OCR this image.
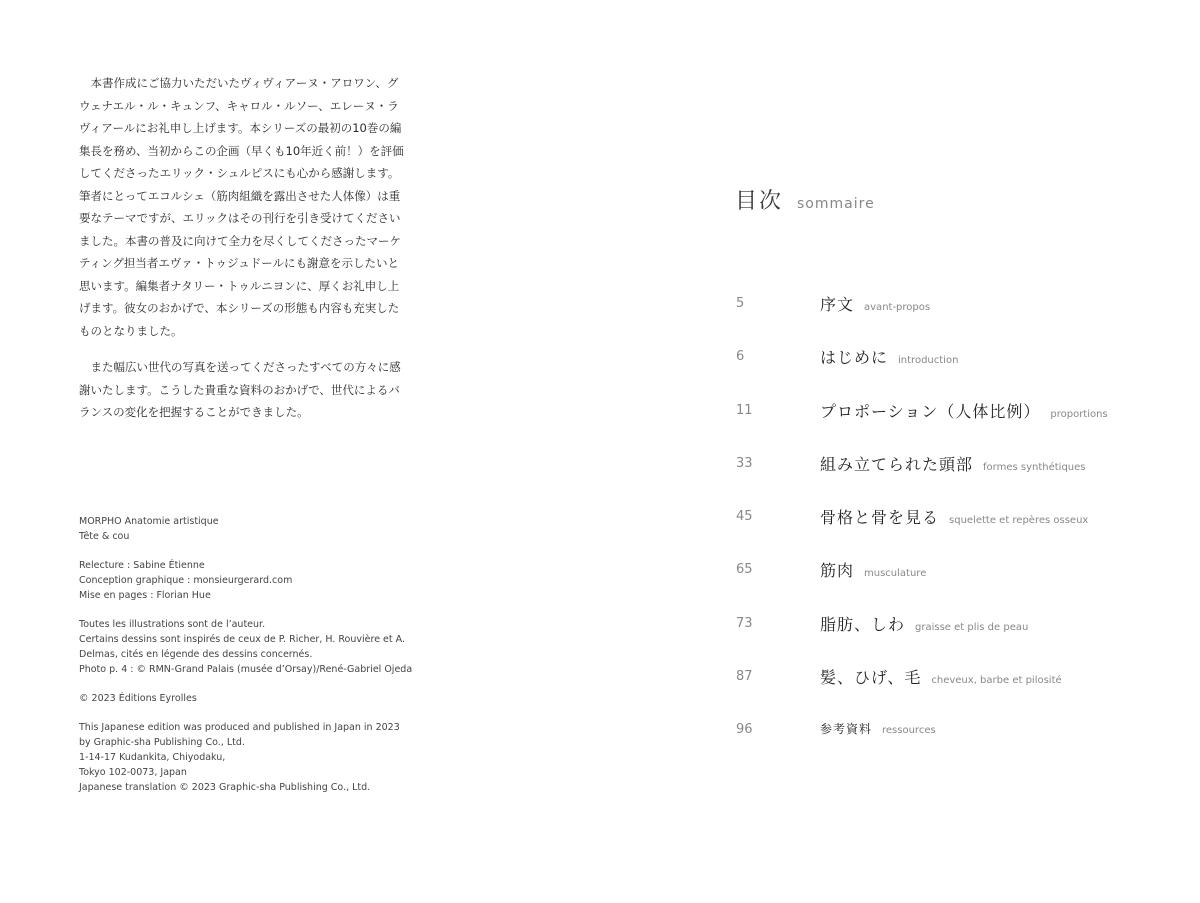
本書作成にご協力いただいたヴィヴィアーヌ・アロワン、グウェナエル・ル・キュンフ、キャロル・ルソー、エレーヌ・ラヴィアールにお礼申し上げます。本シリーズの最初の10巻の編集長を務め、当初からこの企画（早くも10年近く前！）を評価してくださったエリック・シュルピスにも心から感謝します。筆者にとってエコルシェ（筋肉組織を露出させた人体像）は重要なテーマですが、エリックはその刊行を引き受けてくださいました。本書の普及に向けて全力を尽くしてくださったマーケティング担当者エヴァ・トゥジュドールにも謝意を示したいと思います。編集者ナタリー・トゥルニヨンに、厚くお礼申し上げます。彼女のおかげで、本シリーズの形態も内容も充実したものとなりました。

また幅広い世代の写真を送ってくださったすべての方々に感謝いたします。こうした貴重な資料のおかげで、世代によるバランスの変化を把握することができました。

MORPHO Anatomie artistique
Tête & cou
Relecture : Sabine Étienne
Conception graphique : monsieurgerard.com
Mise en pages : Florian Hue
Toutes les illustrations sont de l’auteur.
Certains dessins sont inspirés de ceux de P. Richer, H. Rouvière et A.
Delmas, cités en légende des dessins concernés.
Photo p. 4 : © RMN-Grand Palais (musée d’Orsay)/René-Gabriel Ojeda
© 2023 Éditions Eyrolles
This Japanese edition was produced and published in Japan in 2023
by Graphic-sha Publishing Co., Ltd.
1-14-17 Kudankita, Chiyodaku,
Tokyo 102-0073, Japan
Japanese translation © 2023 Graphic-sha Publishing Co., Ltd.
目次 sommaire
5	序文 avant-propos
6	はじめに introduction
11	プロポーション（人体比例） proportions
33	組み立てられた頭部 formes synthétiques
45	骨格と骨を見る squelette et repères osseux
65	筋肉 musculature
73	脂肪、しわ graisse et plis de peau
87	髪、ひげ、毛 cheveux, barbe et pilosité
96	参考資料 ressources
